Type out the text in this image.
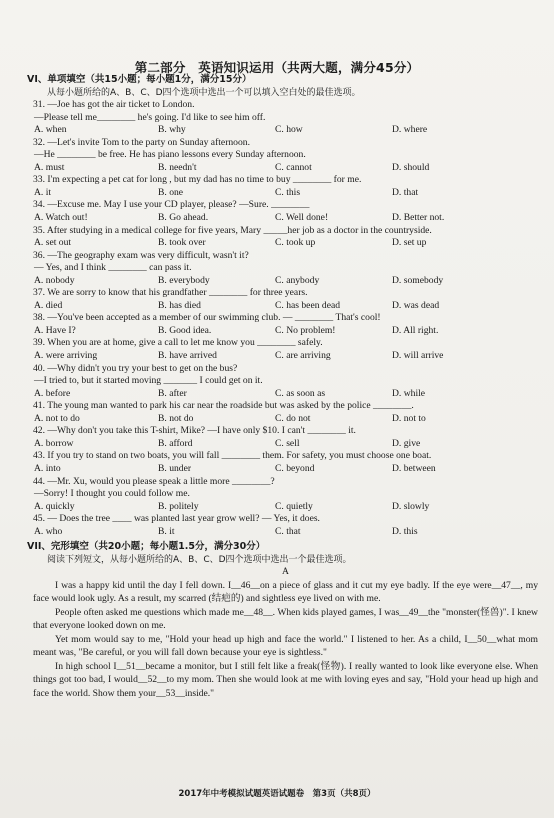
第二部分　英语知识运用（共两大题，满分45分）
VI、单项填空（共15小题；每小题1分，满分15分）
从每小题所给的A、B、C、D四个选项中选出一个可以填入空白处的最佳选项。
31. —Joe has got the air ticket to London.
—Please tell me________ he's going. I'd like to see him off.
A. when	B. why	C. how	D. where
32. —Let's invite Tom to the party on Sunday afternoon.
—He ________ be free. He has piano lessons every Sunday afternoon.
A. must	B. needn't	C. cannot	D. should
33. I'm expecting a pet cat for long , but my dad has no time to buy ________ for me.
A. it	B. one	C. this	D. that
34. —Excuse me. May I use your CD player, please? —Sure. ________
A. Watch out!	B. Go ahead.	C. Well done!	D. Better not.
35. After studying in a medical college for five years, Mary _____her job as a doctor in the countryside.
A. set out	B. took over	C. took up	D. set up
36. —The geography exam was very difficult, wasn't it?
— Yes, and I think ________ can pass it.
A. nobody	B. everybody	C. anybody	D. somebody
37. We are sorry to know that his grandfather ________ for three years.
A. died	B. has died	C. has been dead	D. was dead
38. —You've been accepted as a member of our swimming club. — ________ That's cool!
A. Have I?	B. Good idea.	C. No problem!	D. All right.
39. When you are at home, give a call to let me know you ________ safely.
A. were arriving	B. have arrived	C. are arriving	D. will arrive
40. —Why didn't you try your best to get on the bus?
—I tried to, but it started moving _______ I could get on it.
A. before	B. after	C. as soon as	D. while
41. The young man wanted to park his car near the roadside but was asked by the police ________.
A. not to do	B. not do	C. do not	D. not to
42. —Why don't you take this T-shirt, Mike? —I have only $10. I can't ________ it.
A. borrow	B. afford	C. sell	D. give
43. If you try to stand on two boats, you will fall ________ them. For safety, you must choose one boat.
A. into	B. under	C. beyond	D. between
44. —Mr. Xu, would you please speak a little more ________?
—Sorry! I thought you could follow me.
A. quickly	B. politely	C. quietly	D. slowly
45. — Does the tree ____ was planted last year grow well? — Yes, it does.
A. who	B. it	C. that	D. this
VII、完形填空（共20小题；每小题1.5分，满分30分）
阅读下列短文，从每小题所给的A、B、C、D四个选项中选出一个最佳选项。
A

I was a happy kid until the day I fell down. I__46__on a piece of glass and it cut my eye badly. If the eye were__47__, my face would look ugly. As a result, my scarred (结疤的) and sightless eye lived on with me.

People often asked me questions which made me__48__. When kids played games, I was__49__the "monster(怪兽)". I knew that everyone looked down on me.

Yet mom would say to me, "Hold your head up high and face the world." I listened to her. As a child, I__50__what mom meant was, "Be careful, or you will fall down because your eye is sightless."

In high school I__51__became a monitor, but I still felt like a freak(怪物). I really wanted to look like everyone else. When things got too bad, I would__52__to my mom. Then she would look at me with loving eyes and say, "Hold your head up high and face the world. Show them your__53__inside."

2017年中考模拟试题英语试题卷　第3页（共8页）
